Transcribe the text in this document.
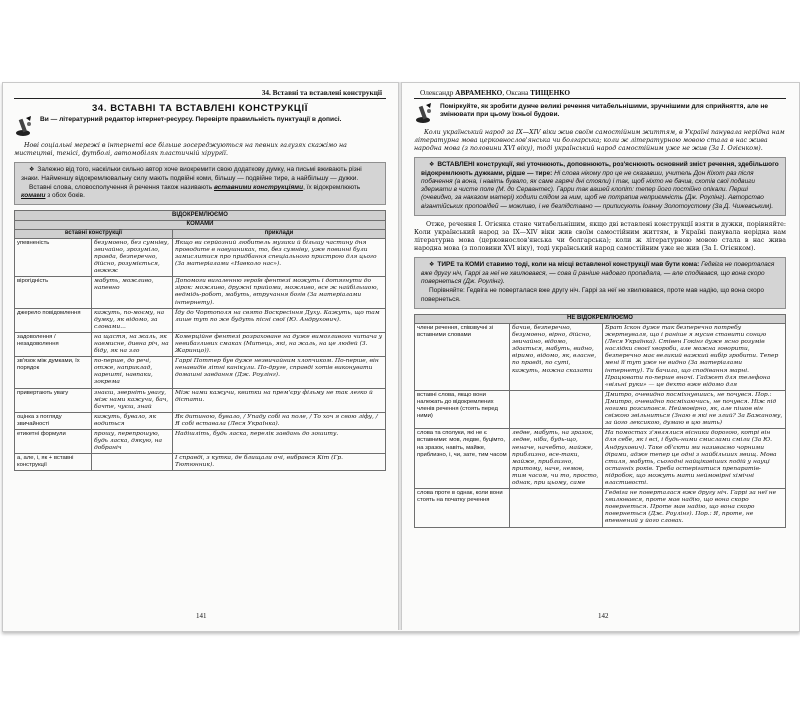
34. Вставні та вставлені конструкції
34. ВСТАВНІ ТА ВСТАВЛЕНІ КОНСТРУКЦІЇ
Ви — літературний редактор інтернет-ресурсу. Перевірте правильність пунктуації в дописі.

Нові соціальні мережі в інтернеті все більше зосереджуються на певних галузях скажімо на мистецтві, тенісі, футболі, автомобілях пластичній хірургії.

❖ Залежно від того, наскільки сильно автор хоче виокремити свою додаткову думку, на письмі вживають різні знаки. Найменшу відокремлювальну силу мають подвійні коми, більшу — подвійне тире, а найбільшу — дужки.

Вставні слова, словосполучення й речення також називають вставними конструкціями, їх відокремлюють комами з обох боків.

ВІДОКРЕМЛЮЄМО		
КОМАМИ		
вставні конструкції		приклади
упевненість	безумовно, без сумніву, звичайно, зрозуміло, правда, безперечно, дійсно, розуміється, авжеж	Якщо ви серйозний любитель музики й більшу частину дня проводите в навушниках, то, без сумніву, уже повинні були замислитися про придбання спеціального пристрою для цього (За матеріалами «Навколо нас»).
вірогідність	мабуть, можливо, напевно	Допомоги вигаленню героїв фентезі можуть і дотягнути до зірок: можливо, дружні прийоми, можливо, все ж найбільшою, ведмідь-робот, мабуть, втручання богів (За матеріалами інтернету).
джерело повідомлення	кажуть, по-моєму, на думку, як відомо, за словами...	Їду до Чортополя на свято Воскресіння Духу. Кажуть, що там лише тут по же будуть пісні свої (Ю. Андрухович).
задоволення / незадоволення	на щастя, на жаль, як навмисне, дивна річ, на біду, як на зло	Комерційне фентезі розраховане на дуже вимогливого читача у невибагливих смаках (Митець, які, на жаль, на це людей (З. Жаринцо)).
зв'язок між думками, їх порядок	по-перше, до речі, отже, наприклад, нарешті, навпаки, зокрема	Гаррі Поттер був дуже незвичайним хлопчиком. По-перше, він ненавидів літні канікули. По-друге, справді хотів виконувати домашні завдання (Дж. Роулінг).
привертають увагу	знаєш, зверніть увагу, між нами кажучи, бач, бачте, чуєш, знай	Між нами кажучи, квитки на прем'єру фільму не так легко й дістати.
оцінка з погляду звичайності	кажуть, бувало, як водиться	Як дитиною, бувало, / Упаду собі на поле, / То хоч я свою ліфу, / Я собі вставала (Леся Українка).
етикетні формули	прошу, перепрошую, будь ласка, дякую, на добраніч	Надішліть, будь ласка, перелік завдань до зошиту.
а, але, і, як + вставні конструкції		І справді, з кутка, де блищали очі, вибрався Кіт (Гр. Тютюнник).
141
Олександр АВРАМЕНКО, Оксана ТИЩЕНКО
Поміркуйте, як зробити дужче великі речення читабельнішими, зручнішими для сприйняття, але не змінювати при цьому їхньої будови.

Коли український народ за IX—XIV віки жив своїм самостійним життям, в Україні панувала нерідна нам літературна мова церковнослов'янська чи болгарська; коли ж літературною мовою стала в нас жива народна мова (з половини XVI віку), тоді український народ самостійним уже не жив (За І. Огієнком).

❖ ВСТАВЛЕНІ конструкції, які уточнюють, доповнюють, роз'яснюють основний зміст речення, здебільшого відокремлюють дужками, рідше — тире: Ні слова нікому про це не сказавши, учитель Дон Кіхот раз після побачення (а вона, і навіть бувало, як саме гарячі дні стояли) і так, щоб ніхто не бачив, схотів свої подвиги здержати в чисте поле (М. до Сервантес). Гарри так вашей клопіт: тепер його постійно опікали. Перші (очевидно, за наказом матері) ходили слідом за ним, щоб не потрапив неприємність (Дж. Роулінг). Авторство візантійських проповідей — можливо, і не безпідставно — приписують Іоанну Золотоустому (За Д. Чижевським).

Отже, речення І. Огієнка стане читабельнішим, якщо дві вставлені конструкції взяти в дужки, порівняйте: Коли український народ за IX—XIV віки жив своїм самостійним життям, в Україні панувала нерідна нам літературна мова (церковнослов'янська чи болгарська); коли ж літературною мовою стала в нас жива народна мова (з половини XVI віку), тоді український народ самостійним уже не жив (За І. Огієнком).

❖ ТИРЕ та КОМИ ставимо тоді, коли на місці вставленої конструкції мав бути кома: Гедвіга не поверталася вже другу ніч, Гаррі за неї не хвилювався, — сова й раніше надовго пропадала, — але сподівався, що вона скоро повернеться (Дж. Роулінг).

Порівняйте: Гедвіга не поверталася вже другу ніч. Гаррі за неї не хвилювався, проте мав надію, що вона скоро повернеться.

НЕ ВІДОКРЕМЛЮЄМО		
члени речення, співзвучні зі вставними словами	бачив, безперечно, безумовно, вірно, дійсно, звичайно, відомо, здається, мабуть, видно, віримо, відомо, як, власне, по правді, по суті, кажуть, можна сказати	Брат Іскон дуже так безперечно потребу жертвуваля, що і раніше я мусив ставити сонцю (Леся Українка). Стівен Гокінг дуже ясно розумів наслідки своєї хвороби, але можна говорити, безперечно має великий важкий вибір зробити. Тепер мені її тут уже не видно (За матеріалами інтернету). Ти бачила, що сподівання марні. Працювати по-перше вночі. Гаджет для телефона «вільні руки» — це дехто вже відомо для
вставні слова, якщо вони належать до відокремлених членів речення (стоять перед ними)		Дмитро, очевидно посміхнувшись, не почувся. Пор.: Дмитро, очевидно посміхаючись, не почувся. Ніж під ногами розсипався. Неймовірно, як, але пішов він свіжою звільниться (Знаю в які не злий? За Бажаному, за його лексикою, думаю в цю мить)
слова та сполуки, які не є вставними: мов, ледве, буцімто, на зразок, навіть, майже, приблизно, і, чи, зате, тим часом	ледве, мабуть, на зразок, ледве, ніби, будь-що, неначе, начебто, майже, приблизно, все-таки, майже, приблизно, притому, наче, немов, тим часом, чи то, просто, однак, при цьому, саме	На помостах з'являлися вісники дорогою, котрі він для себе, як і всі, і будь-ними смислами сміли (За Ю. Андрухович). Таке об'єкти ми називаємо чорними дірами, адже тепер це одні з найбільших явищ. Мова стиля, мабуть, сьогодні найцікавіших подій у науці останніх років. Треба остерігатися препаратів-підробок, що можуть мати неймовірні хімічні властивості.
слова проте в однак, коли вони стоять на початку речення		Гедвіга не поверталася вже другу ніч. Гаррі за неї не хвилювався, проте мав надію, що вона скоро повернеться. Проте мав надію, що вона скоро повернеться (Дж. Роулінг). Пор.: Я, проте, не впевнений у його словах.
142
